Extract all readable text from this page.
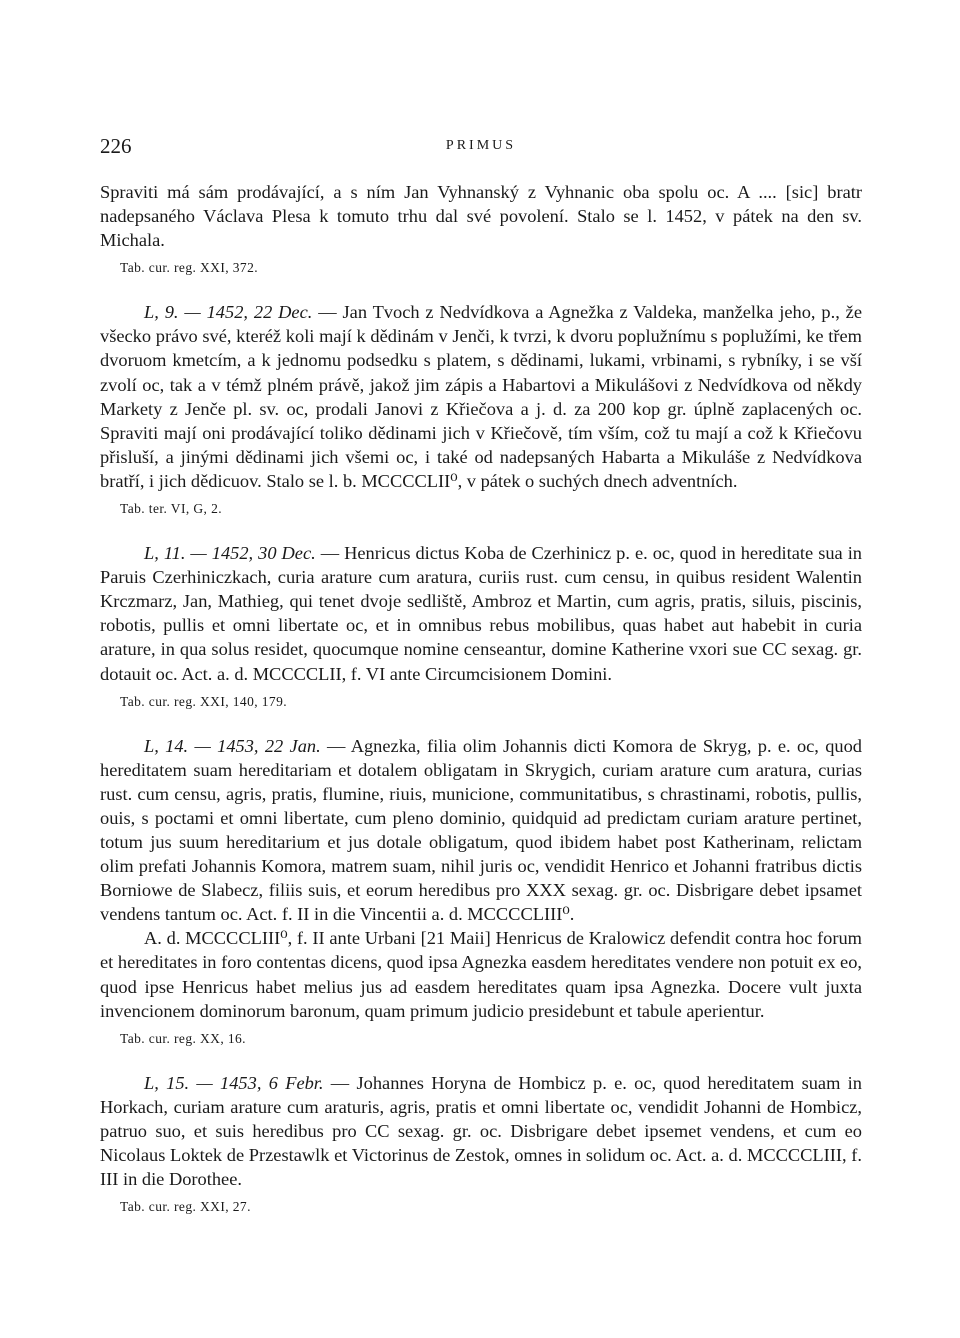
226	PRIMUS

Spraviti má sám prodávající, a s ním Jan Vyhnanský z Vyhnanic oba spolu oc. A .... [sic] bratr nadepsaného Václava Plesa k tomuto trhu dal své povolení. Stalo se l. 1452, v pátek na den sv. Michala.

Tab. cur. reg. XXI, 372.

L, 9. — 1452, 22 Dec. — Jan Tvoch z Nedvídkova a Agnežka z Valdeka, manželka jeho, p., že všecko právo své, kteréž koli mají k dědinám v Jenči, k tvrzi, k dvoru poplužnímu s poplužími, ke třem dvoruom kmetcím, a k jednomu podsedku s platem, s dědinami, lukami, vrbinami, s rybníky, i se vší zvolí oc, tak a v témž plném právě, jakož jim zápis a Habartovi a Mikulášovi z Nedvídkova od někdy Markety z Jenče pl. sv. oc, prodali Janovi z Křiečova a j. d. za 200 kop gr. úplně zaplacených oc. Spraviti mají oni prodávající toliko dědinami jich v Křiečově, tím vším, což tu mají a což k Křiečovu přisluší, a jinými dědinami jich všemi oc, i také od nadepsaných Habarta a Mikuláše z Nedvídkova bratří, i jich dědicuov. Stalo se l. b. MCCCCLII⁰, v pátek o suchých dnech adventních.

Tab. ter. VI, G, 2.

L, 11. — 1452, 30 Dec. — Henricus dictus Koba de Czerhinicz p. e. oc, quod in hereditate sua in Paruis Czerhiniczkach, curia arature cum aratura, curiis rust. cum censu, in quibus resident Walentin Krczmarz, Jan, Mathieg, qui tenet dvoje sedliště, Ambroz et Martin, cum agris, pratis, siluis, piscinis, robotis, pullis et omni libertate oc, et in omnibus rebus mobilibus, quas habet aut habebit in curia arature, in qua solus residet, quocumque nomine censeantur, domine Katherine vxori sue CC sexag. gr. dotauit oc. Act. a. d. MCCCCLII, f. VI ante Circumcisionem Domini.

Tab. cur. reg. XXI, 140, 179.

L, 14. — 1453, 22 Jan. — Agnezka, filia olim Johannis dicti Komora de Skryg, p. e. oc, quod hereditatem suam hereditariam et dotalem obligatam in Skrygich, curiam arature cum aratura, curias rust. cum censu, agris, pratis, flumine, riuis, municione, communitatibus, s chrastinami, robotis, pullis, ouis, s poctami et omni libertate, cum pleno dominio, quidquid ad predictam curiam arature pertinet, totum jus suum hereditarium et jus dotale obligatum, quod ibidem habet post Katherinam, relictam olim prefati Johannis Komora, matrem suam, nihil juris oc, vendidit Henrico et Johanni fratribus dictis Borniowe de Slabecz, filiis suis, et eorum heredibus pro XXX sexag. gr. oc. Disbrigare debet ipsamet vendens tantum oc. Act. f. II in die Vincentii a. d. MCCCCLIII⁰.

A. d. MCCCCLIII⁰, f. II ante Urbani [21 Maii] Henricus de Kralowicz defendit contra hoc forum et hereditates in foro contentas dicens, quod ipsa Agnezka easdem hereditates vendere non potuit ex eo, quod ipse Henricus habet melius jus ad easdem hereditates quam ipsa Agnezka. Docere vult juxta invencionem dominorum baronum, quam primum judicio presidebunt et tabule aperientur.

Tab. cur. reg. XX, 16.

L, 15. — 1453, 6 Febr. — Johannes Horyna de Hombicz p. e. oc, quod hereditatem suam in Horkach, curiam arature cum araturis, agris, pratis et omni libertate oc, vendidit Johanni de Hombicz, patruo suo, et suis heredibus pro CC sexag. gr. oc. Disbrigare debet ipsemet vendens, et cum eo Nicolaus Loktek de Przestawlk et Victorinus de Zestok, omnes in solidum oc. Act. a. d. MCCCCLIII, f. III in die Dorothee.

Tab. cur. reg. XXI, 27.
